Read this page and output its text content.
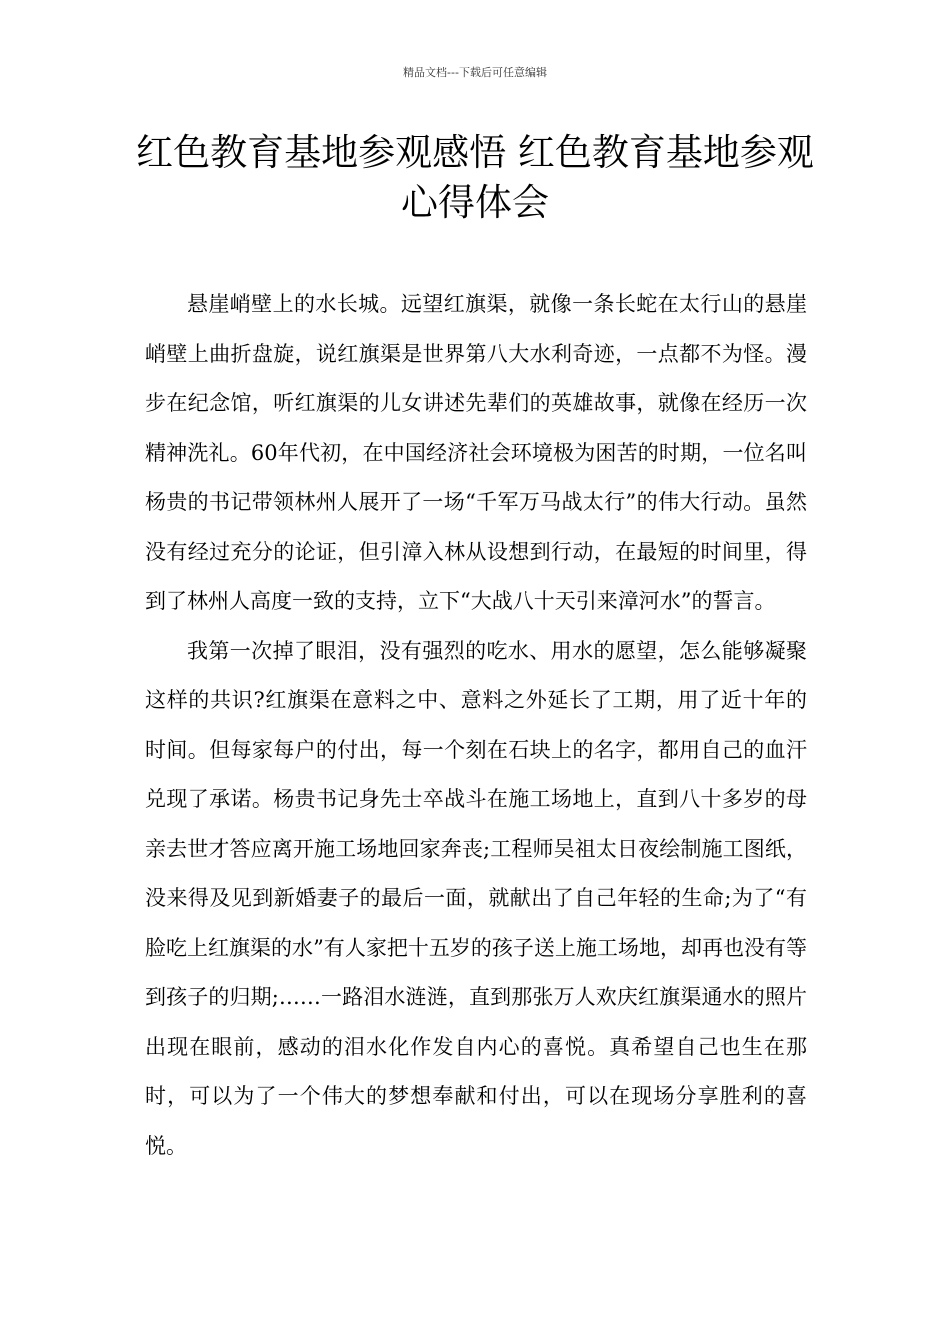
精品文档---下载后可任意编辑
红色教育基地参观感悟 红色教育基地参观心得体会

悬崖峭壁上的水长城。远望红旗渠，就像一条长蛇在太行山的悬崖峭壁上曲折盘旋，说红旗渠是世界第八大水利奇迹，一点都不为怪。漫步在纪念馆，听红旗渠的儿女讲述先辈们的英雄故事，就像在经历一次精神洗礼。60年代初，在中国经济社会环境极为困苦的时期，一位名叫杨贵的书记带领林州人展开了一场“千军万马战太行”的伟大行动。虽然没有经过充分的论证，但引漳入林从设想到行动，在最短的时间里，得到了林州人高度一致的支持，立下“大战八十天引来漳河水”的誓言。

我第一次掉了眼泪，没有强烈的吃水、用水的愿望，怎么能够凝聚这样的共识?红旗渠在意料之中、意料之外延长了工期，用了近十年的时间。但每家每户的付出，每一个刻在石块上的名字，都用自己的血汗兑现了承诺。杨贵书记身先士卒战斗在施工场地上，直到八十多岁的母亲去世才答应离开施工场地回家奔丧;工程师吴祖太日夜绘制施工图纸，没来得及见到新婚妻子的最后一面，就献出了自己年轻的生命;为了“有脸吃上红旗渠的水”有人家把十五岁的孩子送上施工场地，却再也没有等到孩子的归期;……一路泪水涟涟，直到那张万人欢庆红旗渠通水的照片出现在眼前，感动的泪水化作发自内心的喜悦。真希望自己也生在那时，可以为了一个伟大的梦想奉献和付出，可以在现场分享胜利的喜悦。
